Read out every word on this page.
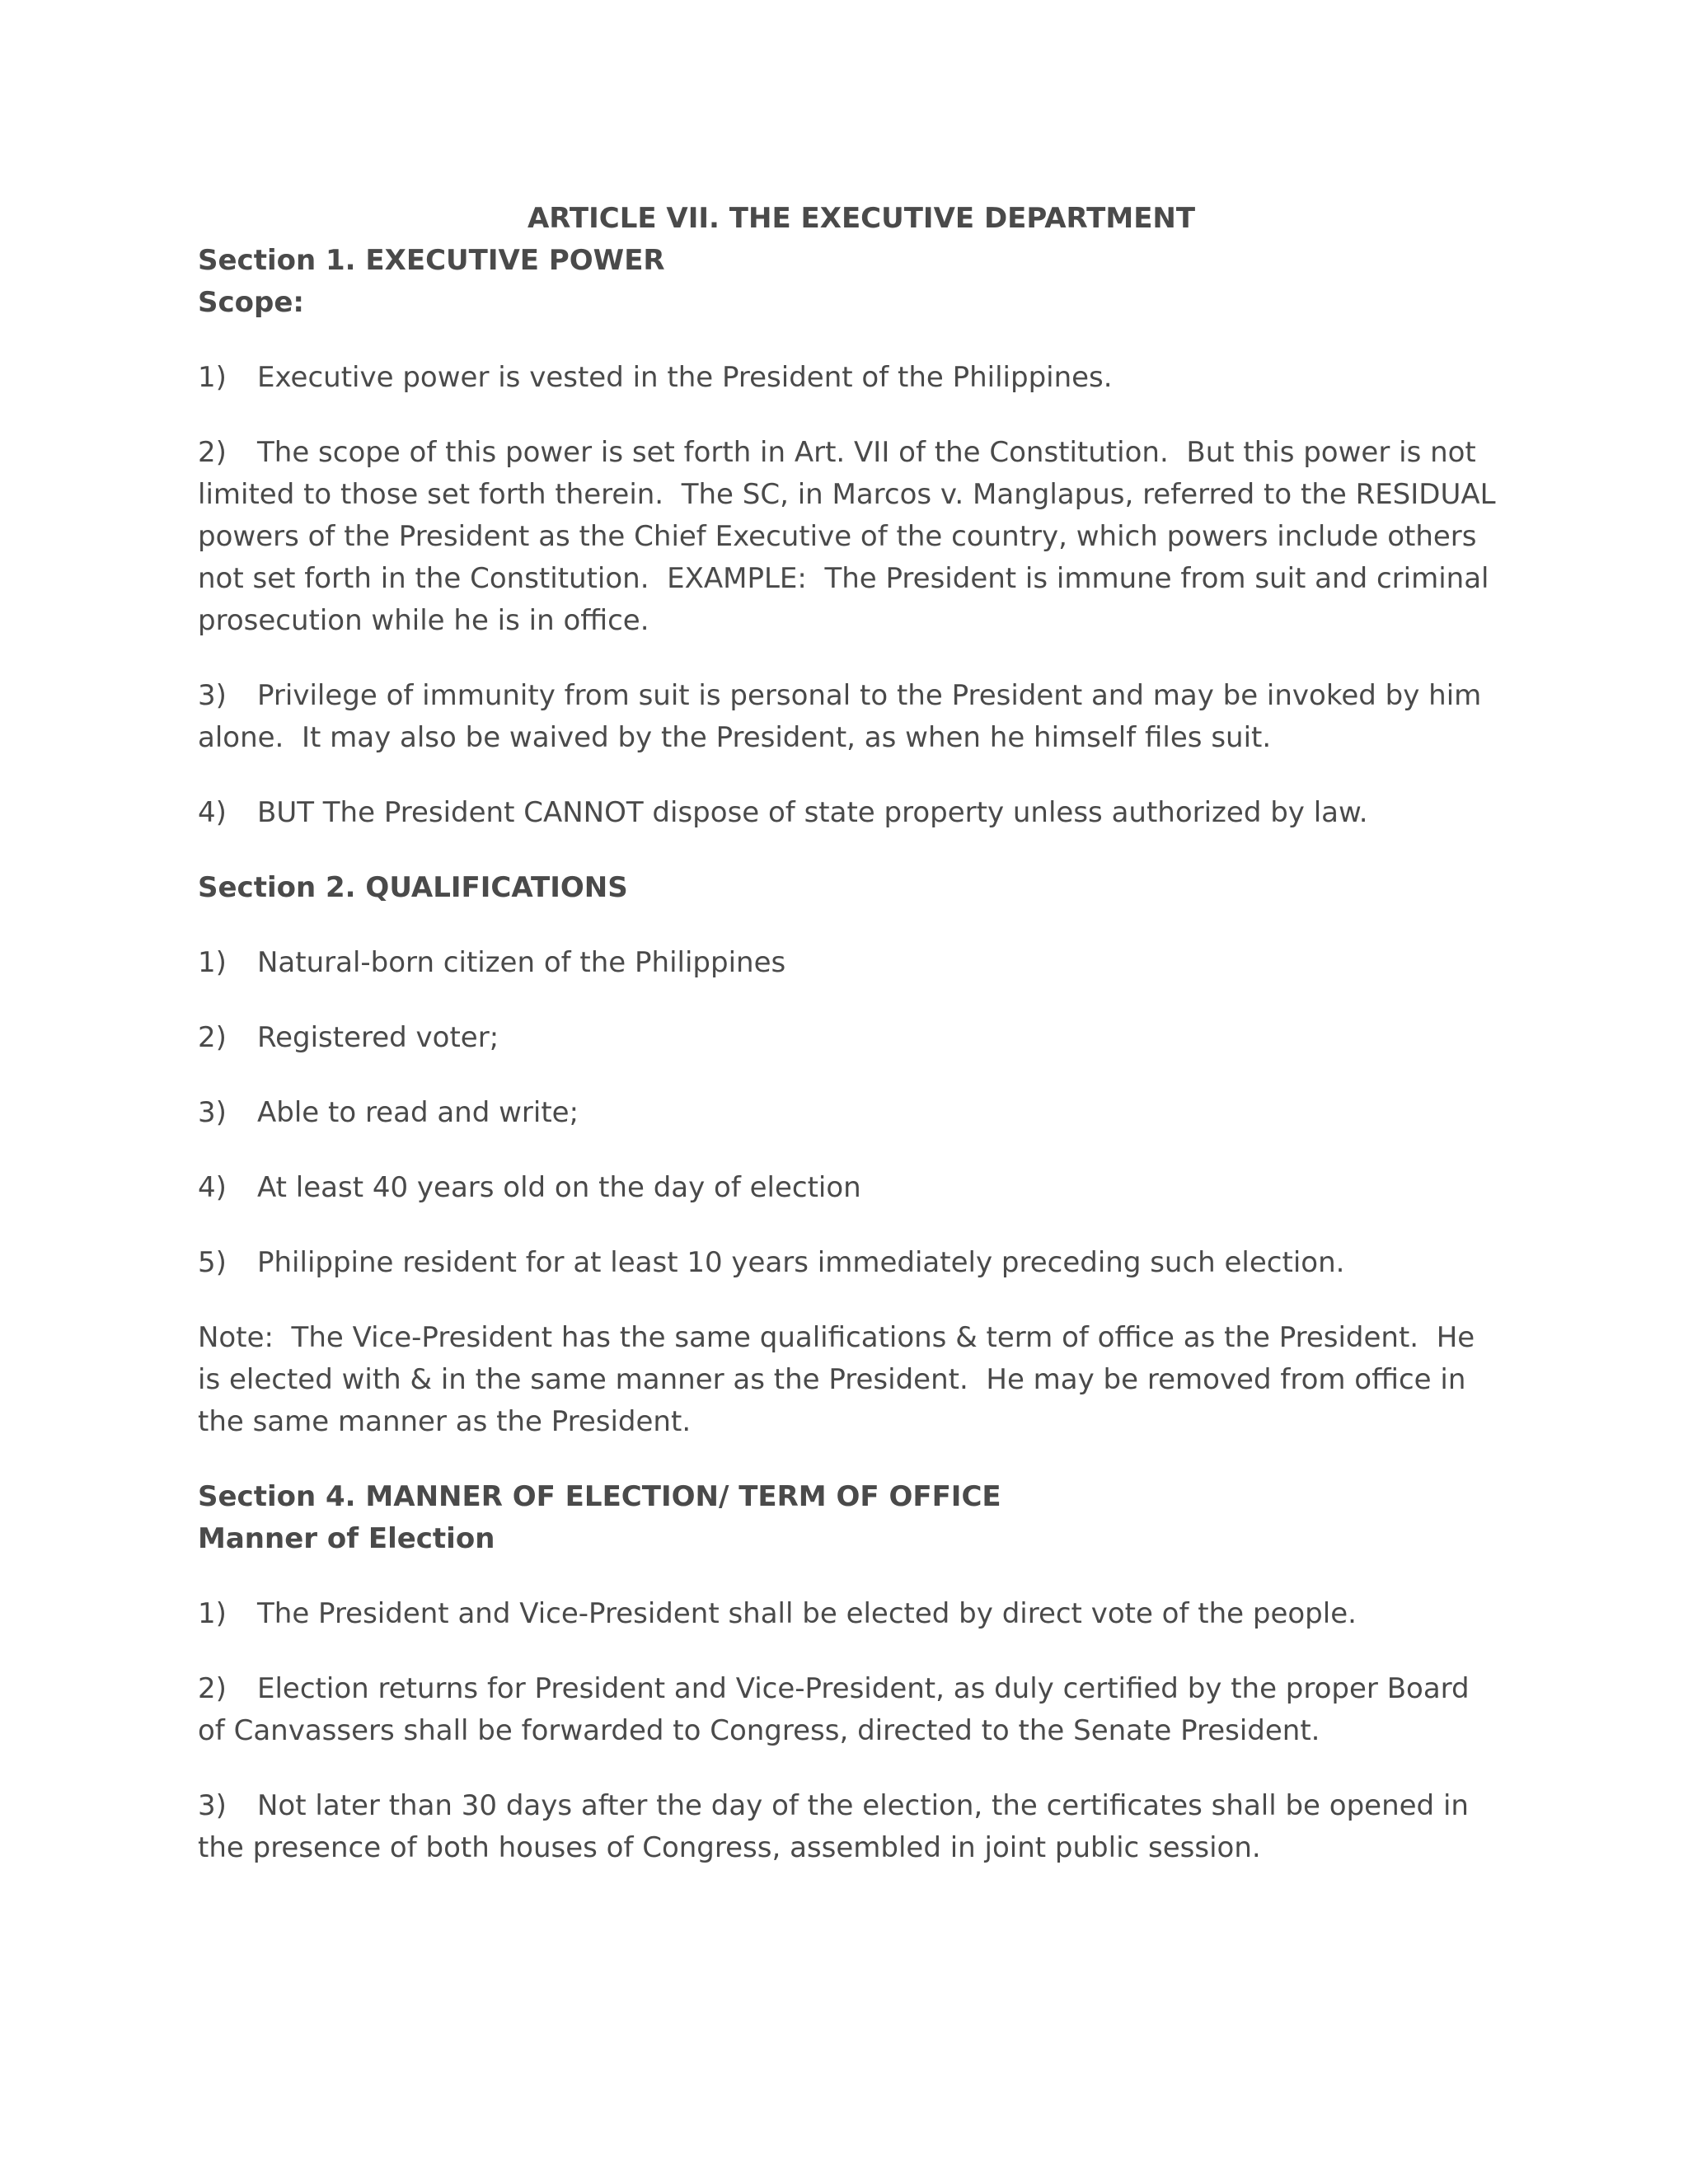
ARTICLE VII. THE EXECUTIVE DEPARTMENT

Section 1. EXECUTIVE POWER

Scope:

1) Executive power is vested in the President of the Philippines.

2) The scope of this power is set forth in Art. VII of the Constitution.  But this power is not limited to those set forth therein.  The SC, in Marcos v. Manglapus, referred to the RESIDUAL powers of the President as the Chief Executive of the country, which powers include others not set forth in the Constitution.  EXAMPLE:  The President is immune from suit and criminal prosecution while he is in office.

3) Privilege of immunity from suit is personal to the President and may be invoked by him alone.  It may also be waived by the President, as when he himself files suit.

4) BUT The President CANNOT dispose of state property unless authorized by law.

Section 2. QUALIFICATIONS

1) Natural-born citizen of the Philippines

2) Registered voter;

3) Able to read and write;

4) At least 40 years old on the day of election

5) Philippine resident for at least 10 years immediately preceding such election.

Note:  The Vice-President has the same qualifications & term of office as the President.  He is elected with & in the same manner as the President.  He may be removed from office in the same manner as the President.

Section 4. MANNER OF ELECTION/ TERM OF OFFICE

Manner of Election

1) The President and Vice-President shall be elected by direct vote of the people.

2) Election returns for President and Vice-President, as duly certified by the proper Board of Canvassers shall be forwarded to Congress, directed to the Senate President.

3) Not later than 30 days after the day of the election, the certificates shall be opened in the presence of both houses of Congress, assembled in joint public session.
